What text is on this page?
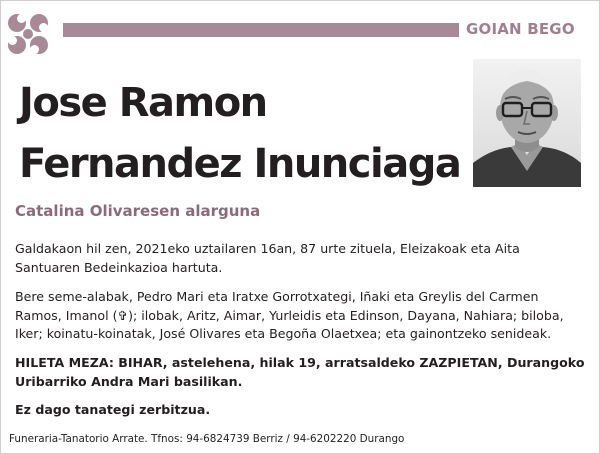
GOIAN BEGO
Jose Ramon
Fernandez Inunciaga
Catalina Olivaresen alarguna
Galdakaon hil zen, 2021eko uztailaren 16an, 87 urte zituela, Eleizakoak eta Aita Santuaren Bedeinkazioa hartuta.
Bere seme-alabak, Pedro Mari eta Iratxe Gorrotxategi, Iñaki eta Greylis del Carmen Ramos, Imanol (✞); ilobak, Aritz, Aimar, Yurleidis eta Edinson, Dayana, Nahiara; biloba, Iker; koinatu-koinatak, José Olivares eta Begoña Olaetxea; eta gainontzeko senideak.
HILETA MEZA: BIHAR, astelehena, hilak 19, arratsaldeko ZAZPIETAN, Durangoko Uribarriko Andra Mari basilikan.
Ez dago tanategi zerbitzua.
Funeraria-Tanatorio Arrate. Tfnos: 94-6824739 Berriz / 94-6202220 Durango
